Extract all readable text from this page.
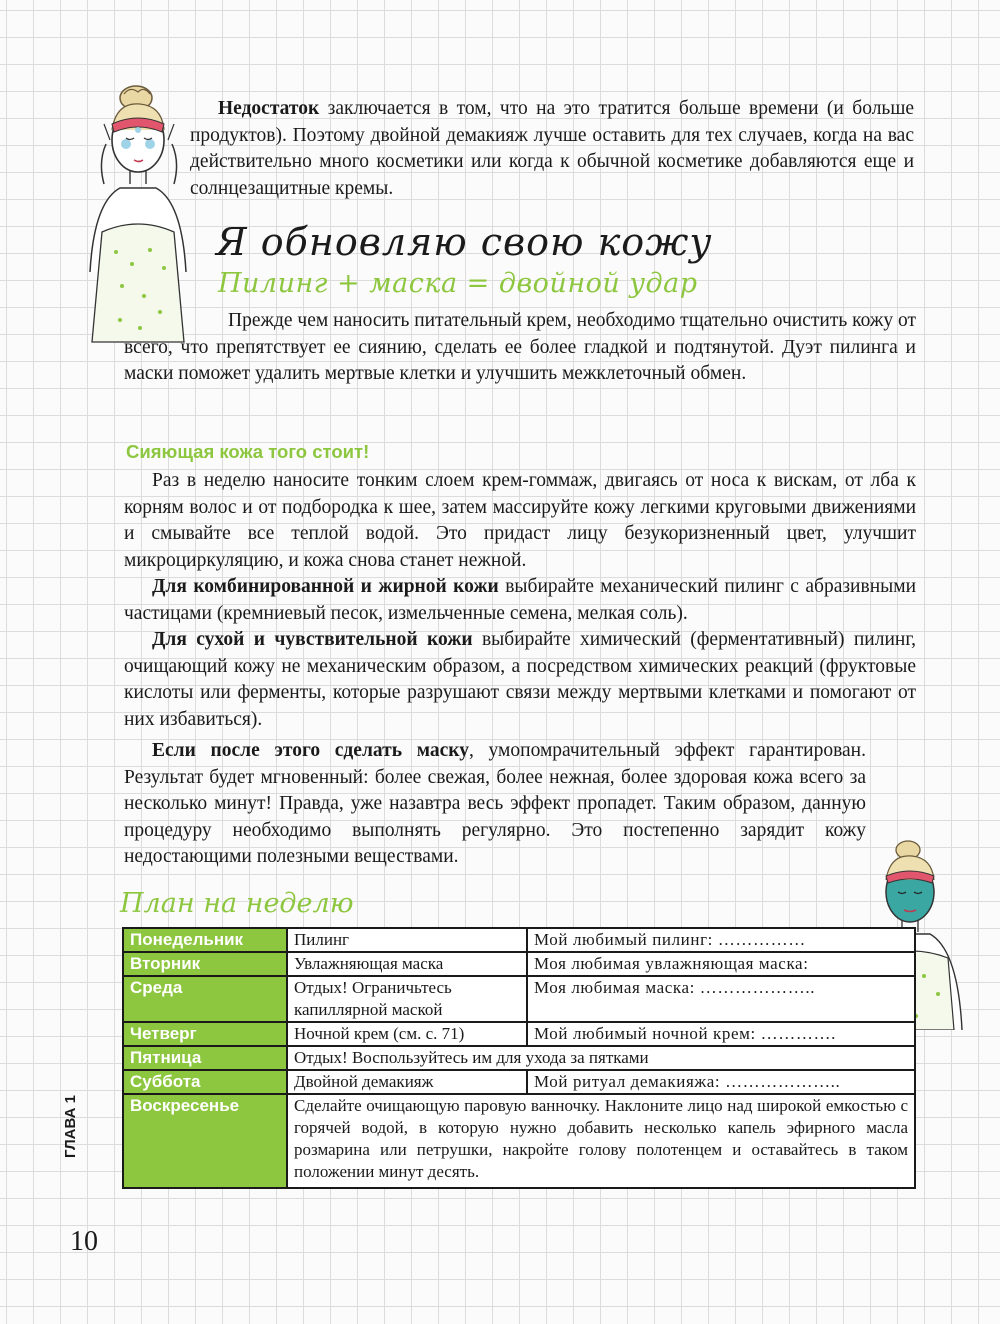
Недостаток заключается в том, что на это тратится больше времени (и больше продуктов). Поэтому двойной демакияж лучше оставить для тех случаев, когда на вас действительно много косметики или когда к обычной косметике добавляются еще и солнцезащитные кремы.

Я обновляю свою кожу
Пилинг + маска = двойной удар

Прежде чем наносить питательный крем, необходимо тщательно очистить кожу от всего, что препятствует ее сиянию, сделать ее более гладкой и подтянутой. Дуэт пилинга и маски поможет удалить мертвые клетки и улучшить межклеточный обмен.

Сияющая кожа того стоит!

Раз в неделю наносите тонким слоем крем-гоммаж, двигаясь от носа к вискам, от лба к корням волос и от подбородка к шее, затем массируйте кожу легкими круговыми движениями и смывайте все теплой водой. Это придаст лицу безукоризненный цвет, улучшит микроциркуляцию, и кожа снова станет нежной.

Для комбинированной и жирной кожи выбирайте механический пилинг с абразивными частицами (кремниевый песок, измельченные семена, мелкая соль).

Для сухой и чувствительной кожи выбирайте химический (ферментативный) пилинг, очищающий кожу не механическим образом, а посредством химических реакций (фруктовые кислоты или ферменты, которые разрушают связи между мертвыми клетками и помогают от них избавиться).

Если после этого сделать маску, умопомрачительный эффект гарантирован. Результат будет мгновенный: более свежая, более нежная, более здоровая кожа всего за несколько минут! Правда, уже назавтра весь эффект пропадет. Таким образом, данную процедуру необходимо выполнять регулярно. Это постепенно зарядит кожу недостающими полезными веществами.

План на неделю
Понедельник	Пилинг	Мой любимый пилинг: ……………
Вторник	Увлажняющая маска	Моя любимая увлажняющая маска:
Среда	Отдых! Ограничьтесь капиллярной маской	Моя любимая маска: ………………..
Четверг	Ночной крем (см. с. 71)	Мой любимый ночной крем: ………….
Пятница	Отдых! Воспользуйтесь им для ухода за пятками	
Суббота	Двойной демакияж	Мой ритуал демакияжа: ………………..
Воскресенье	Сделайте очищающую паровую ванночку. Наклоните лицо над широкой емкостью с горячей водой, в которую нужно добавить несколько капель эфирного масла розмарина или петрушки, накройте голову полотенцем и оставайтесь в таком положении минут десять.	
ГЛАВА 1
10
